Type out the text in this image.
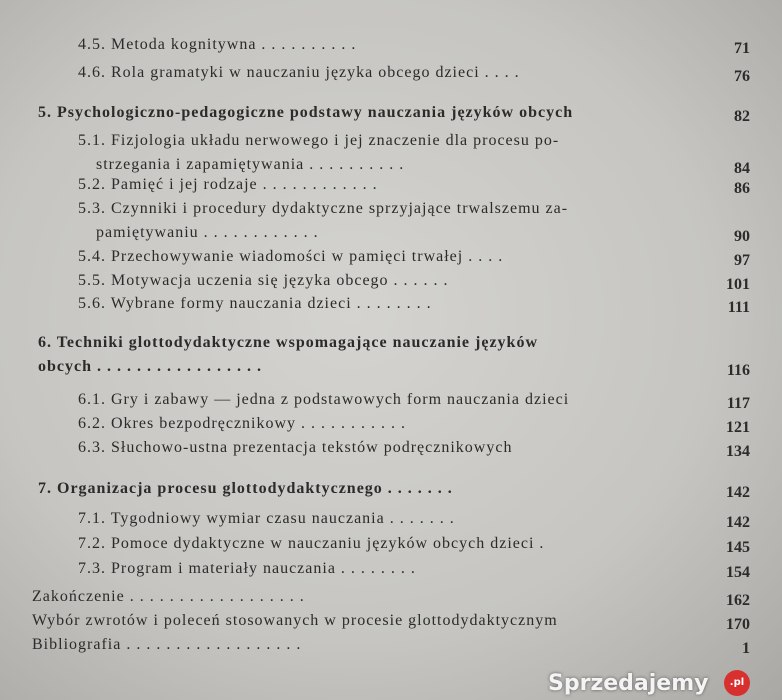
4.5. Metoda kognitywna . . . . . . . . . .	71
4.6. Rola gramatyki w nauczaniu języka obcego dzieci . . . .	76
5. Psychologiczno-pedagogiczne podstawy nauczania języków obcych	82
5.1. Fizjologia układu nerwowego i jej znaczenie dla procesu po-
strzegania i zapamiętywania . . . . . . . . . .	84
5.2. Pamięć i jej rodzaje . . . . . . . . . . . .	86
5.3. Czynniki i procedury dydaktyczne sprzyjające trwalszemu za-
pamiętywaniu . . . . . . . . . . . .	90
5.4. Przechowywanie wiadomości w pamięci trwałej . . . .	97
5.5. Motywacja uczenia się języka obcego . . . . . .	101
5.6. Wybrane formy nauczania dzieci . . . . . . . .	111
6. Techniki glottodydaktyczne wspomagające nauczanie języków
obcych . . . . . . . . . . . . . . . . .	116
6.1. Gry i zabawy — jedna z podstawowych form nauczania dzieci	117
6.2. Okres bezpodręcznikowy . . . . . . . . . . .	121
6.3. Słuchowo-ustna prezentacja tekstów podręcznikowych	134
7. Organizacja procesu glottodydaktycznego . . . . . . .	142
7.1. Tygodniowy wymiar czasu nauczania . . . . . . .	142
7.2. Pomoce dydaktyczne w nauczaniu języków obcych dzieci .	145
7.3. Program i materiały nauczania . . . . . . . .	154
Zakończenie . . . . . . . . . . . . . . . . . .	162
Wybór zwrotów i poleceń stosowanych w procesie glottodydaktycznym	170
Bibliografia . . . . . . . . . . . . . . . . . .	1
Sprzedajemy	.pl
